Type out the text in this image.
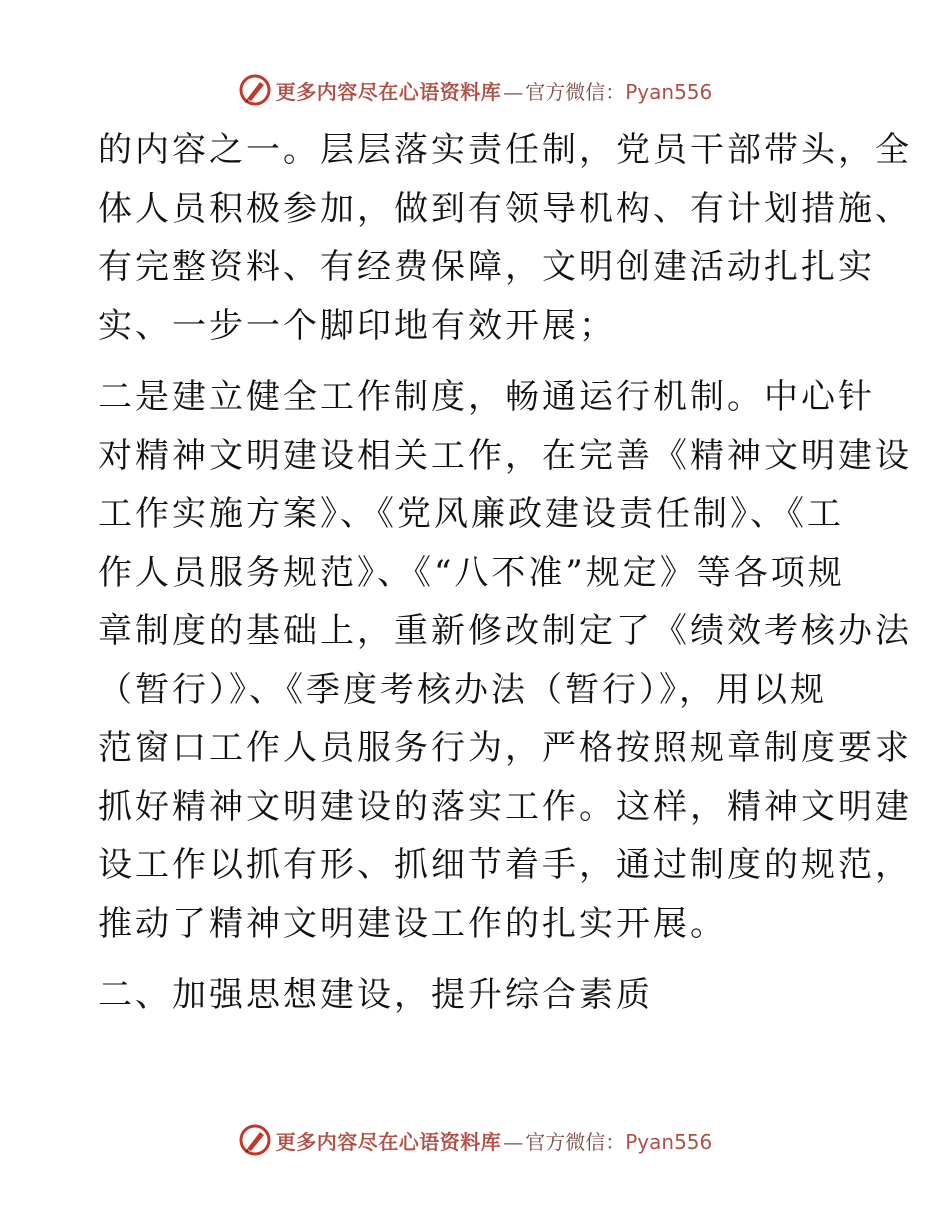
更多内容尽在心语资料库 — 官方微信： Pyan556

的内容之一。层层落实责任制，党员干部带头，全
体人员积极参加，做到有领导机构、有计划措施、
有完整资料、有经费保障，文明创建活动扎扎实
实、一步一个脚印地有效开展；

二是建立健全工作制度，畅通运行机制。中心针
对精神文明建设相关工作，在完善《精神文明建设
工作实施方案》、《党风廉政建设责任制》、《工
作人员服务规范》、《“八不准”规定》等各项规
章制度的基础上，重新修改制定了《绩效考核办法
（暂行）》、《季度考核办法（暂行）》，用以规
范窗口工作人员服务行为，严格按照规章制度要求
抓好精神文明建设的落实工作。这样，精神文明建
设工作以抓有形、抓细节着手，通过制度的规范，
推动了精神文明建设工作的扎实开展。

二、加强思想建设，提升综合素质

更多内容尽在心语资料库 — 官方微信： Pyan556
